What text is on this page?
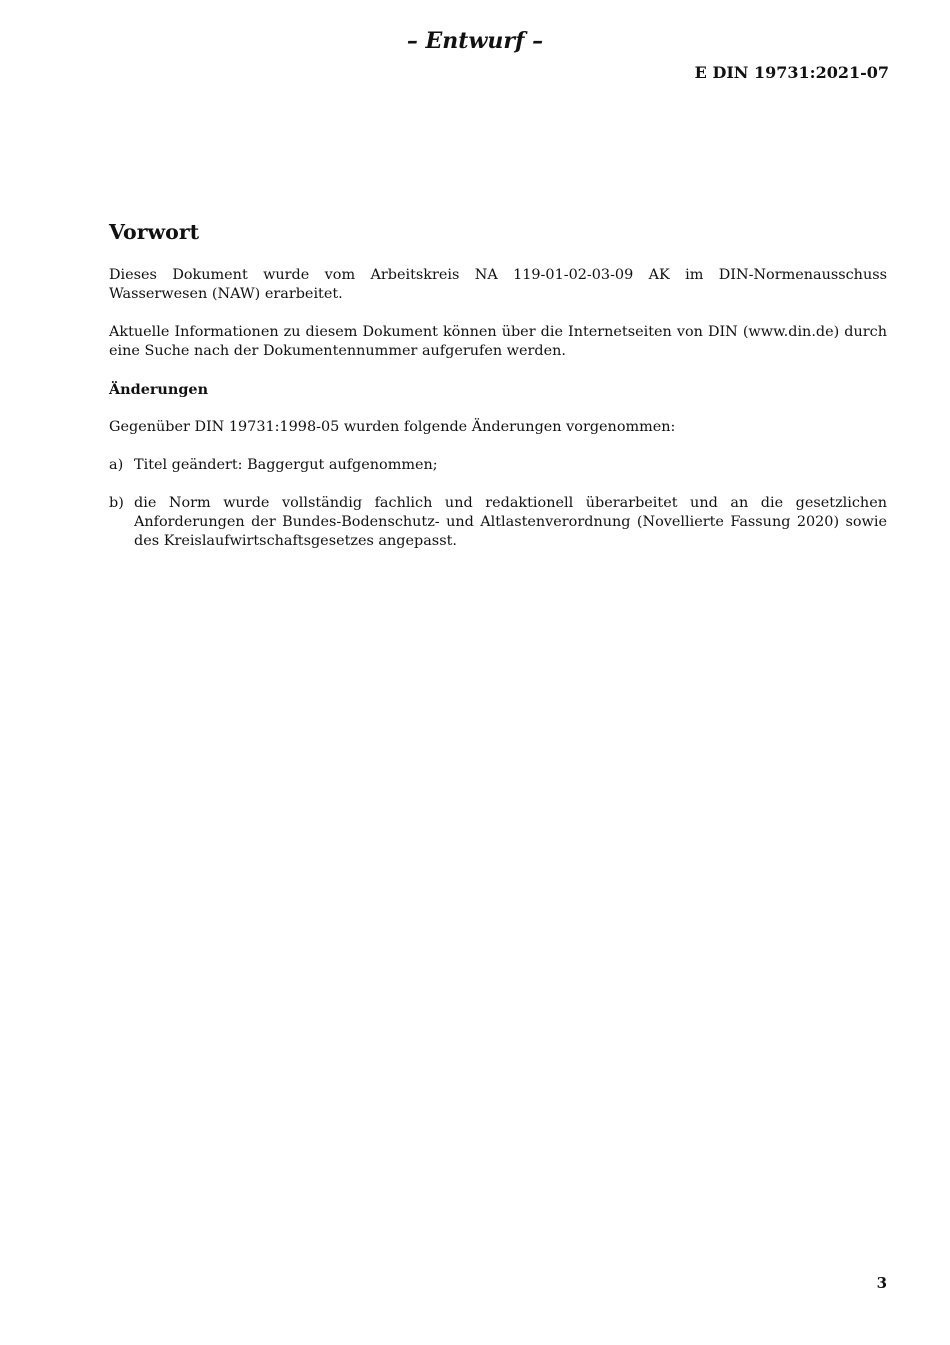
– Entwurf –
E DIN 19731:2021-07
Vorwort

Dieses Dokument wurde vom Arbeitskreis NA 119-01-02-03-09 AK im DIN-Normenausschuss Wasserwesen (NAW) erarbeitet.

Aktuelle Informationen zu diesem Dokument können über die Internetseiten von DIN (www.din.de) durch eine Suche nach der Dokumentennummer aufgerufen werden.

Änderungen

Gegenüber DIN 19731:1998-05 wurden folgende Änderungen vorgenommen:

a) Titel geändert: Baggergut aufgenommen;
b) die Norm wurde vollständig fachlich und redaktionell überarbeitet und an die gesetzlichen Anforderungen der Bundes-Bodenschutz- und Altlastenverordnung (Novellierte Fassung 2020) sowie des Kreislaufwirtschaftsgesetzes angepasst.
3
